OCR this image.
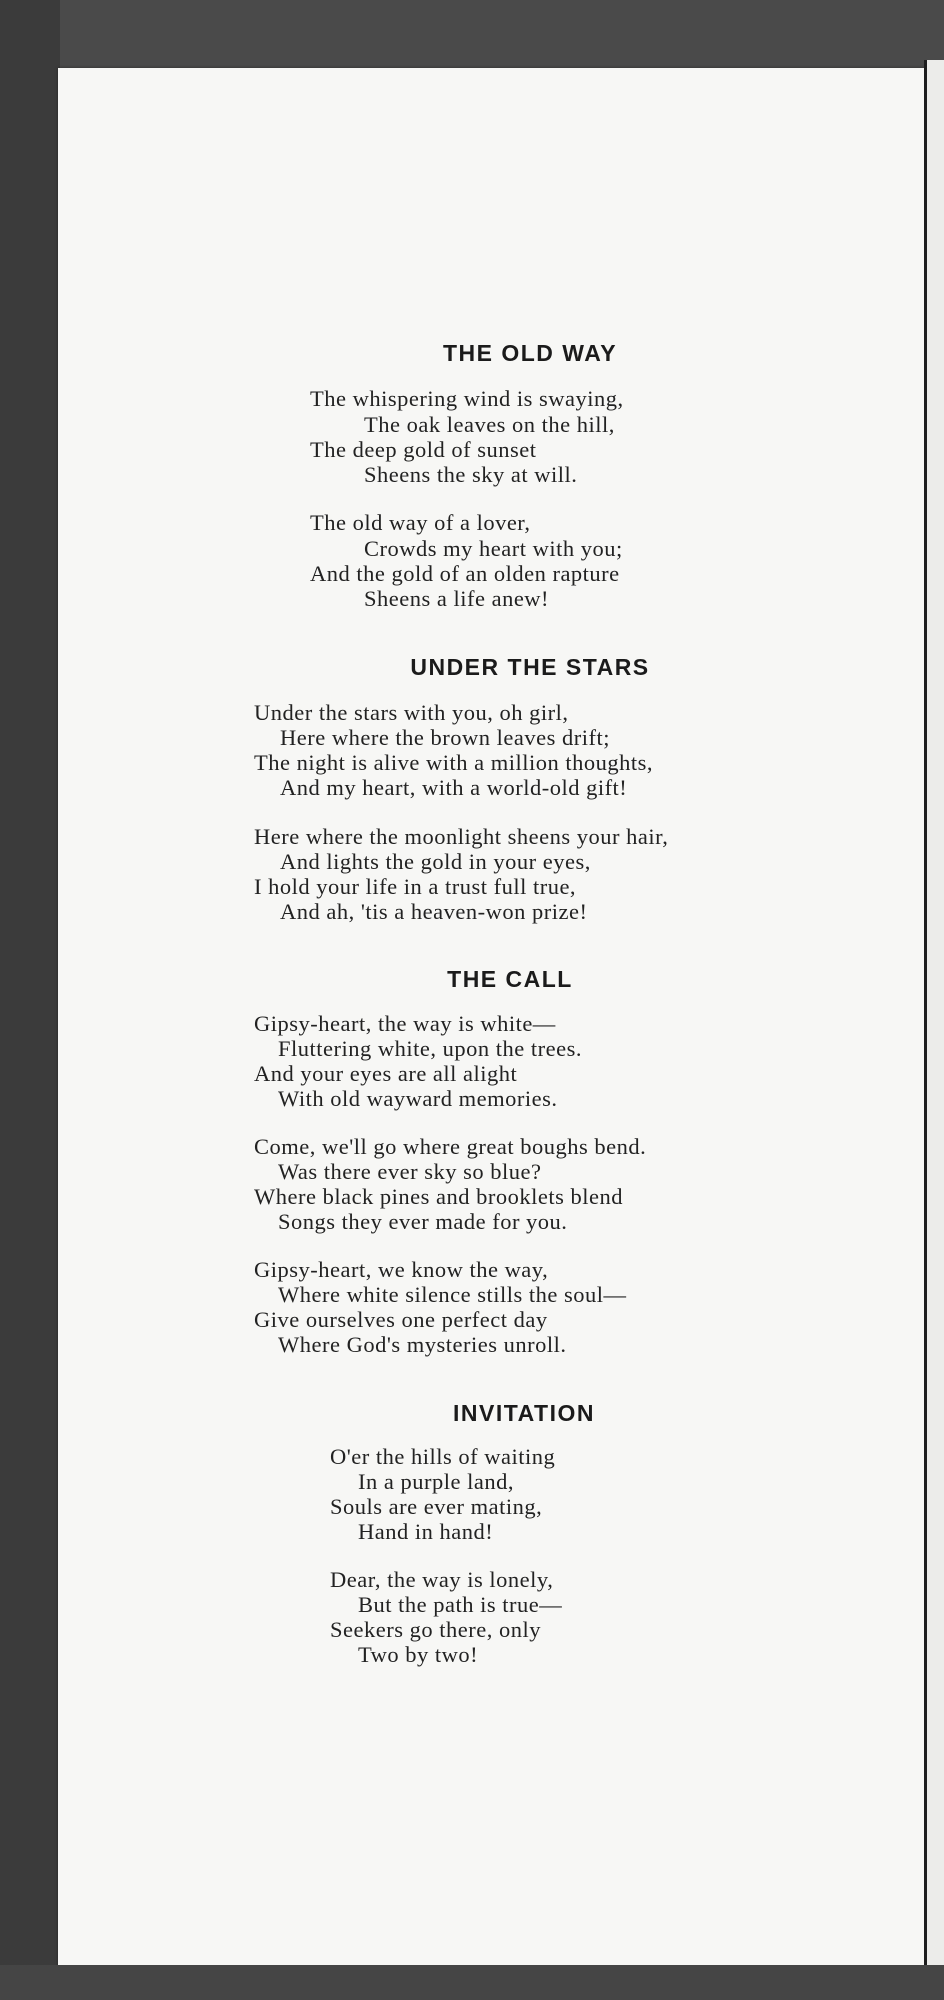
THE OLD WAY
The whispering wind is swaying,
The oak leaves on the hill,
The deep gold of sunset
Sheens the sky at will.
The old way of a lover,
Crowds my heart with you;
And the gold of an olden rapture
Sheens a life anew!
UNDER THE STARS
Under the stars with you, oh girl,
Here where the brown leaves drift;
The night is alive with a million thoughts,
And my heart, with a world-old gift!
Here where the moonlight sheens your hair,
And lights the gold in your eyes,
I hold your life in a trust full true,
And ah, 'tis a heaven-won prize!
THE CALL
Gipsy-heart, the way is white—
Fluttering white, upon the trees.
And your eyes are all alight
With old wayward memories.
Come, we'll go where great boughs bend.
Was there ever sky so blue?
Where black pines and brooklets blend
Songs they ever made for you.
Gipsy-heart, we know the way,
Where white silence stills the soul—
Give ourselves one perfect day
Where God's mysteries unroll.
INVITATION
O'er the hills of waiting
In a purple land,
Souls are ever mating,
Hand in hand!
Dear, the way is lonely,
But the path is true—
Seekers go there, only
Two by two!
